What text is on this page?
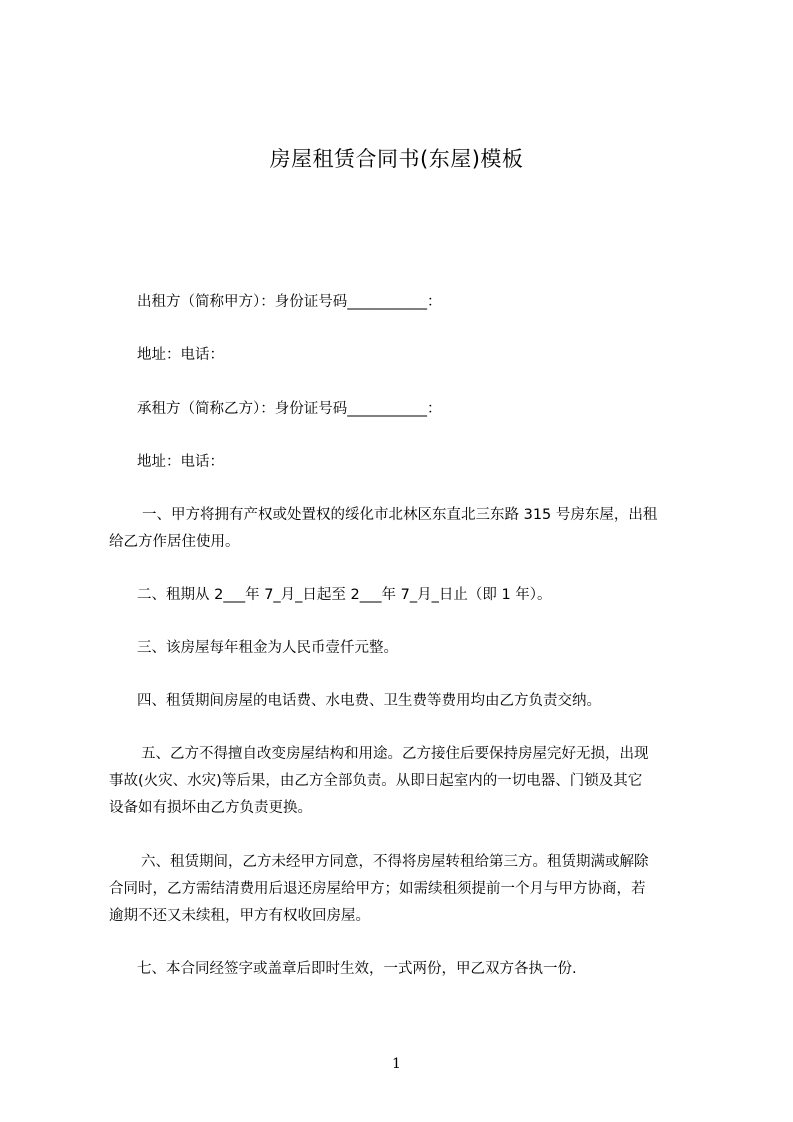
房屋租赁合同书(东屋)模板
出租方（简称甲方）：身份证号码___________：
地址：电话：
承租方（简称乙方）：身份证号码___________：
地址：电话：
一、甲方将拥有产权或处置权的绥化市北林区东直北三东路 315 号房东屋，出租
给乙方作居住使用。
二、租期从 2___年 7_月_日起至 2___年 7_月_日止（即 1 年）。
三、该房屋每年租金为人民币壹仟元整。
四、租赁期间房屋的电话费、水电费、卫生费等费用均由乙方负责交纳。
五、乙方不得擅自改变房屋结构和用途。乙方接住后要保持房屋完好无损，出现
事故(火灾、水灾)等后果，由乙方全部负责。从即日起室内的一切电器、门锁及其它
设备如有损坏由乙方负责更换。
六、租赁期间，乙方未经甲方同意，不得将房屋转租给第三方。租赁期满或解除
合同时，乙方需结清费用后退还房屋给甲方；如需续租须提前一个月与甲方协商，若
逾期不还又未续租，甲方有权收回房屋。
七、本合同经签字或盖章后即时生效，一式两份，甲乙双方各执一份.
1
